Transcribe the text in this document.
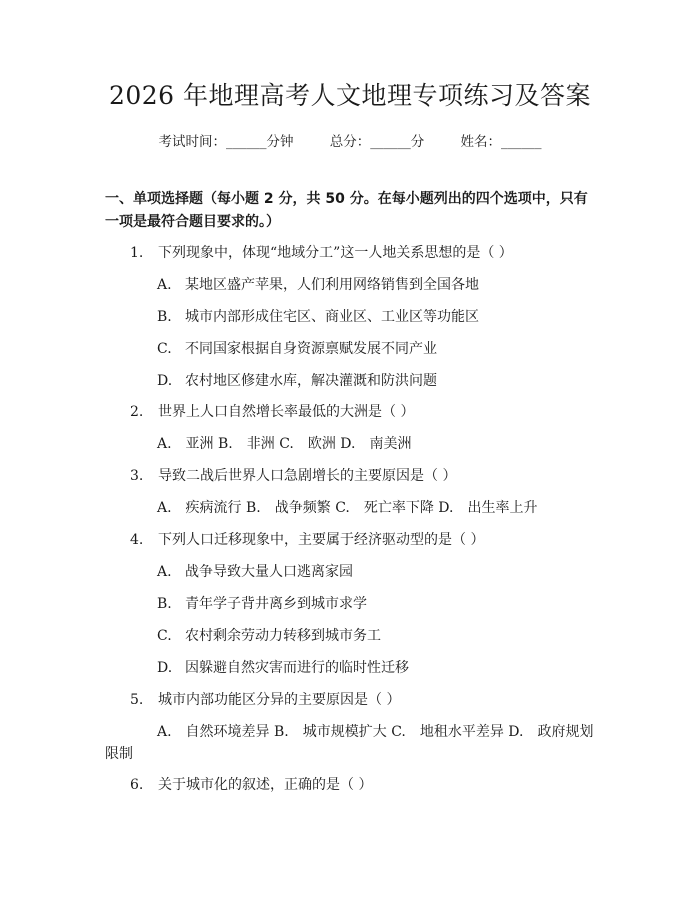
2026 年地理高考人文地理专项练习及答案
考试时间：______分钟	总分：______分	姓名：______
一、单项选择题（每小题 2 分，共 50 分。在每小题列出的四个选项中，只有一项是最符合题目要求的。）
1. 下列现象中，体现“地域分工”这一人地关系思想的是（ ）
A. 某地区盛产苹果，人们利用网络销售到全国各地
B. 城市内部形成住宅区、商业区、工业区等功能区
C. 不同国家根据自身资源禀赋发展不同产业
D. 农村地区修建水库，解决灌溉和防洪问题
2. 世界上人口自然增长率最低的大洲是（ ）
A.　亚洲 B.　非洲 C.　欧洲 D.　南美洲
3. 导致二战后世界人口急剧增长的主要原因是（ ）
A.　疾病流行 B.　战争频繁 C.　死亡率下降 D.　出生率上升
4. 下列人口迁移现象中，主要属于经济驱动型的是（ ）
A. 战争导致大量人口逃离家园
B. 青年学子背井离乡到城市求学
C. 农村剩余劳动力转移到城市务工
D. 因躲避自然灾害而进行的临时性迁移
5. 城市内部功能区分异的主要原因是（ ）
A.　自然环境差异 B.　城市规模扩大 C.　地租水平差异 D.　政府规划
限制
6. 关于城市化的叙述，正确的是（ ）
